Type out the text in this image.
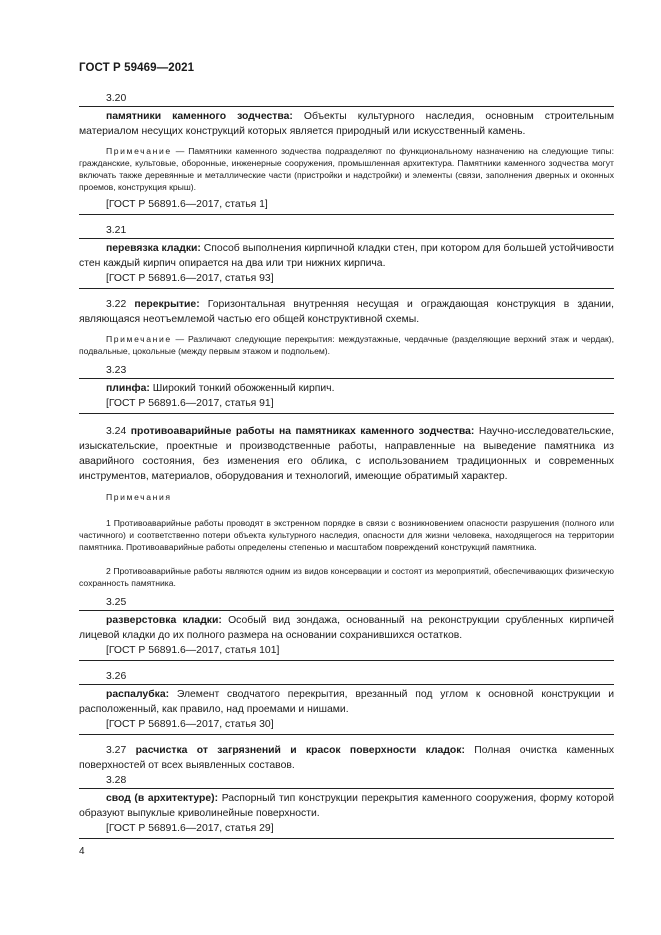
ГОСТ Р 59469—2021
3.20

памятники каменного зодчества: Объекты культурного наследия, основным строительным материалом несущих конструкций которых является природный или искусственный камень.

Примечание — Памятники каменного зодчества подразделяют по функциональному назначению на следующие типы: гражданские, культовые, оборонные, инженерные сооружения, промышленная архитектура. Памятники каменного зодчества могут включать также деревянные и металлические части (пристройки и надстройки) и элементы (связи, заполнения дверных и оконных проемов, конструкция крыш).

[ГОСТ Р 56891.6—2017, статья 1]
3.21

перевязка кладки: Способ выполнения кирпичной кладки стен, при котором для большей устойчивости стен каждый кирпич опирается на два или три нижних кирпича.

[ГОСТ Р 56891.6—2017, статья 93]

3.22 перекрытие: Горизонтальная внутренняя несущая и ограждающая конструкция в здании, являющаяся неотъемлемой частью его общей конструктивной схемы.

Примечание — Различают следующие перекрытия: междуэтажные, чердачные (разделяющие верхний этаж и чердак), подвальные, цокольные (между первым этажом и подпольем).

3.23

плинфа: Широкий тонкий обожженный кирпич.

[ГОСТ Р 56891.6—2017, статья 91]

3.24 противоаварийные работы на памятниках каменного зодчества: Научно-исследовательские, изыскательские, проектные и производственные работы, направленные на выведение памятника из аварийного состояния, без изменения его облика, с использованием традиционных и современных инструментов, материалов, оборудования и технологий, имеющие обратимый характер.

Примечания

1 Противоаварийные работы проводят в экстренном порядке в связи с возникновением опасности разрушения (полного или частичного) и соответственно потери объекта культурного наследия, опасности для жизни человека, находящегося на территории памятника. Противоаварийные работы определены степенью и масштабом повреждений конструкций памятника.

2 Противоаварийные работы являются одним из видов консервации и состоят из мероприятий, обеспечивающих физическую сохранность памятника.

3.25

разверстовка кладки: Особый вид зондажа, основанный на реконструкции срубленных кирпичей лицевой кладки до их полного размера на основании сохранившихся остатков.

[ГОСТ Р 56891.6—2017, статья 101]
3.26

распалубка: Элемент сводчатого перекрытия, врезанный под углом к основной конструкции и расположенный, как правило, над проемами и нишами.

[ГОСТ Р 56891.6—2017, статья 30]

3.27 расчистка от загрязнений и красок поверхности кладок: Полная очистка каменных поверхностей от всех выявленных составов.

3.28

свод (в архитектуре): Распорный тип конструкции перекрытия каменного сооружения, форму которой образуют выпуклые криволинейные поверхности.

[ГОСТ Р 56891.6—2017, статья 29]
4
